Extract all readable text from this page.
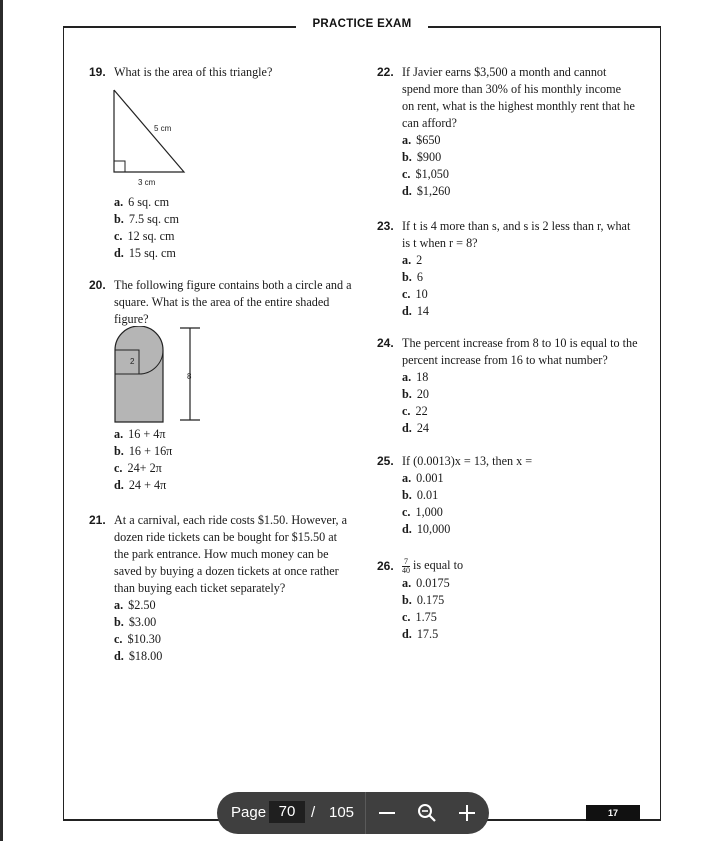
PRACTICE EXAM
19. What is the area of this triangle?
5 cm
3 cm
a. 6 sq. cm
b. 7.5 sq. cm
c. 12 sq. cm
d. 15 sq. cm
20. The following figure contains both a circle and a square. What is the area of the entire shaded figure?
2
8
a. 16 + 4π
b. 16 + 16π
c. 24+ 2π
d. 24 + 4π
21. At a carnival, each ride costs $1.50. However, a dozen ride tickets can be bought for $15.50 at the park entrance. How much money can be saved by buying a dozen tickets at once rather than buying each ticket separately?
a. $2.50
b. $3.00
c. $10.30
d. $18.00
22. If Javier earns $3,500 a month and cannot spend more than 30% of his monthly income on rent, what is the highest monthly rent that he can afford?
a. $650
b. $900
c. $1,050
d. $1,260
23. If t is 4 more than s, and s is 2 less than r, what is t when r = 8?
a. 2
b. 6
c. 10
d. 14
24. The percent increase from 8 to 10 is equal to the percent increase from 16 to what number?
a. 18
b. 20
c. 22
d. 24
25. If (0.0013)x = 13, then x =
a. 0.001
b. 0.01
c. 1,000
d. 10,000
26. $\frac{7}{40}$ is equal to
a. 0.0175
b. 0.175
c. 1.75
d. 17.5
17
Page 70	/ 105
